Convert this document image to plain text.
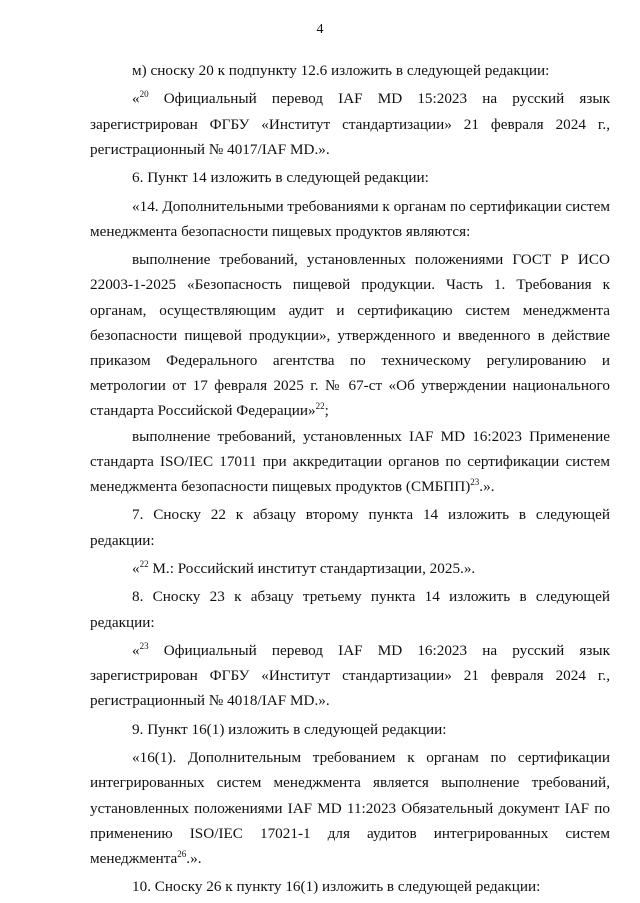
4

м) сноску 20 к подпункту 12.6 изложить в следующей редакции:

«$^{20}$ Официальный перевод IAF MD 15:2023 на русский язык зарегистрирован ФГБУ «Институт стандартизации» 21 февраля 2024 г., регистрационный № 4017/IAF MD.».

6. Пункт 14 изложить в следующей редакции:

«14. Дополнительными требованиями к органам по сертификации систем менеджмента безопасности пищевых продуктов являются:

выполнение требований, установленных положениями ГОСТ Р ИСО 22003-1-2025 «Безопасность пищевой продукции. Часть 1. Требования к органам, осуществляющим аудит и сертификацию систем менеджмента безопасности пищевой продукции», утвержденного и введенного в действие приказом Федерального агентства по техническому регулированию и метрологии от 17 февраля 2025 г. № 67-ст «Об утверждении национального стандарта Российской Федерации»$^{22}$;

выполнение требований, установленных IAF MD 16:2023 Применение стандарта ISO/IEC 17011 при аккредитации органов по сертификации систем менеджмента безопасности пищевых продуктов (СМБПП)$^{23}$.».

7. Сноску 22 к абзацу второму пункта 14 изложить в следующей редакции:

«$^{22}$ М.: Российский институт стандартизации, 2025.».

8. Сноску 23 к абзацу третьему пункта 14 изложить в следующей редакции:

«$^{23}$ Официальный перевод IAF MD 16:2023 на русский язык зарегистрирован ФГБУ «Институт стандартизации» 21 февраля 2024 г., регистрационный № 4018/IAF MD.».

9. Пункт 16(1) изложить в следующей редакции:

«16(1). Дополнительным требованием к органам по сертификации интегрированных систем менеджмента является выполнение требований, установленных положениями IAF MD 11:2023 Обязательный документ IAF по применению ISO/IEC 17021-1 для аудитов интегрированных систем менеджмента$^{26}$.».

10. Сноску 26 к пункту 16(1) изложить в следующей редакции:
